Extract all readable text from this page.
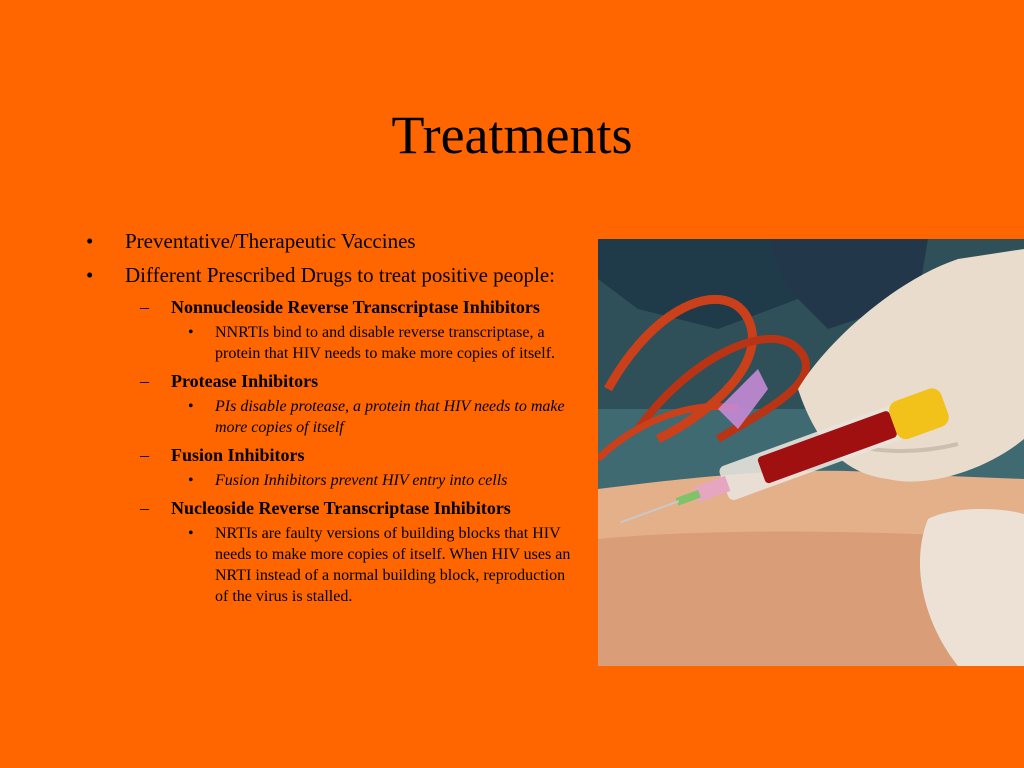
Treatments
• Preventative/Therapeutic Vaccines
• Different Prescribed Drugs to treat positive people:
– Nonnucleoside Reverse Transcriptase Inhibitors
• NNRTIs bind to and disable reverse transcriptase, a protein that HIV needs to make more copies of itself.
– Protease Inhibitors
• PIs disable protease, a protein that HIV needs to make more copies of itself
– Fusion Inhibitors
• Fusion Inhibitors prevent HIV entry into cells
– Nucleoside Reverse Transcriptase Inhibitors
• NRTIs are faulty versions of building blocks that HIV needs to make more copies of itself. When HIV uses an NRTI instead of a normal building block, reproduction of the virus is stalled.
